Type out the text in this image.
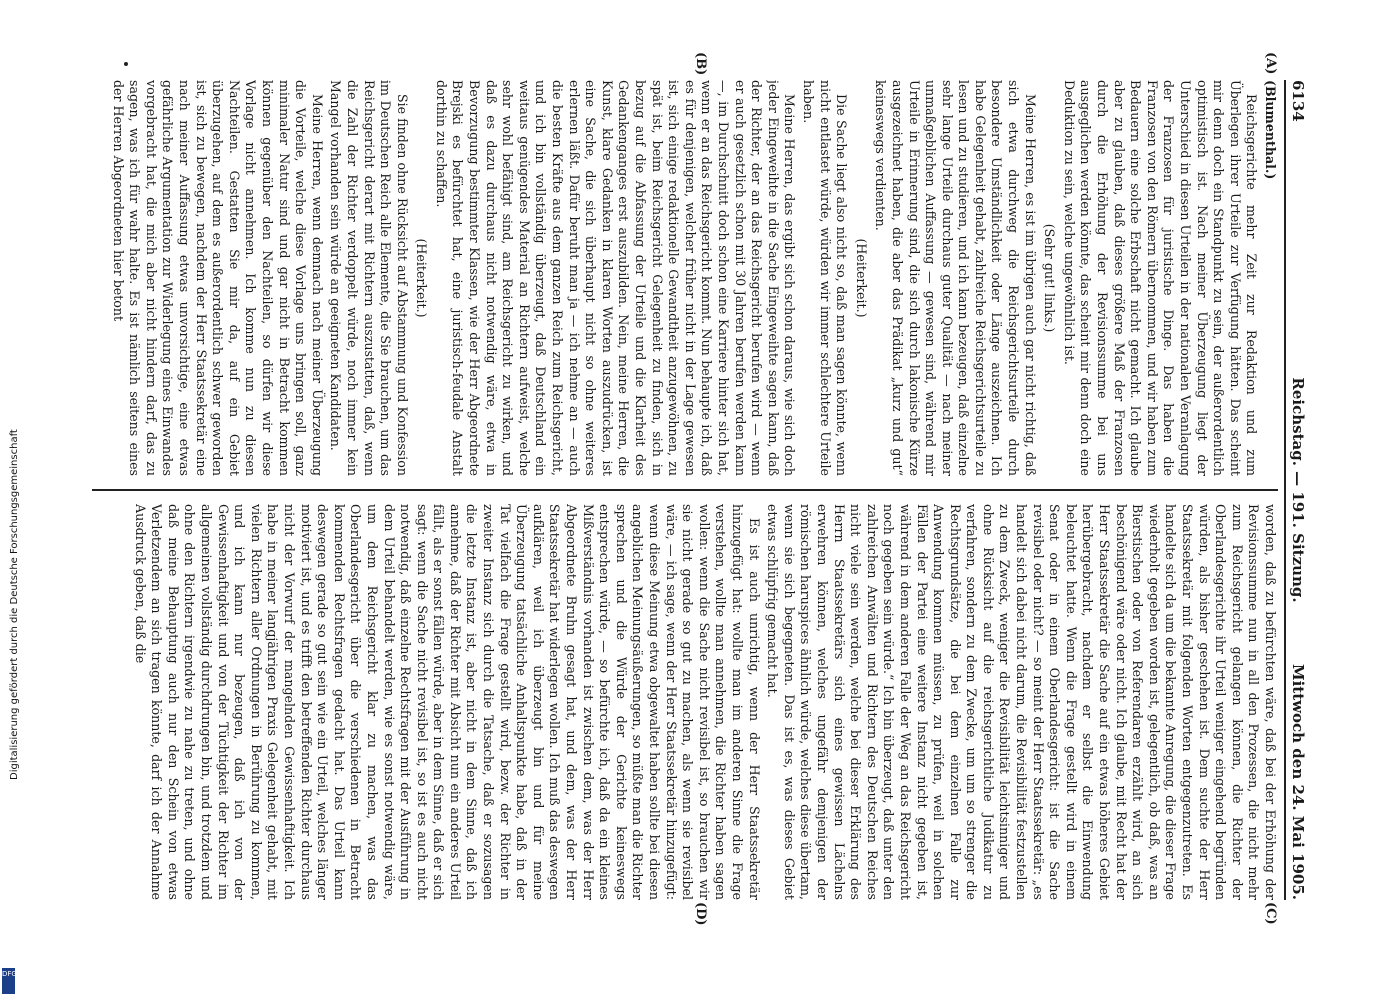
Digitalisierung gefördert durch die Deutsche Forschungsgemeinschaft
DFG
6134
Reichstag. — 191. Sitzung.
Mittwoch den 24. Mai 1905.
(A)
(B)
(C)
(D)

(Blumenthal.)

Reichsgerichte mehr Zeit zur Redaktion und zum Überlegen ihrer Urteile zur Verfügung hätten. Das scheint mir denn doch ein Standpunkt zu sein, der außerordentlich optimistisch ist. Nach meiner Überzeugung liegt der Unterschied in diesen Urteilen in der nationalen Veranlagung der Franzosen für juristische Dinge. Das haben die Franzosen von den Römern übernommen, und wir haben zum Bedauern eine solche Erbschaft nicht gemacht. Ich glaube aber zu glauben, daß dieses größere Maß der Franzosen durch die Erhöhung der Revisionssumme bei uns ausgeglichen werden könnte, das scheint mir denn doch eine Deduktion zu sein, welche ungewöhnlich ist.

(Sehr gut! links.)

Meine Herren, es ist im übrigen auch gar nicht richtig, daß sich etwa durchweg die Reichsgerichtsurteile durch besondere Umständlichkeit oder Länge auszeichnen. Ich habe Gelegenheit gehabt, zahlreiche Reichsgerichtsurteile zu lesen und zu studieren, und ich kann bezeugen, daß einzelne sehr lange Urteile durchaus guter Qualität — nach meiner unmaßgeblichen Auffassung — gewesen sind, während mir Urteile in Erinnerung sind, die sich durch lakonische Kürze ausgezeichnet haben, die aber das Prädikat „kurz und gut“ keineswegs verdienten.

(Heiterkeit.)

Die Sache liegt also nicht so, daß man sagen könnte, wenn nicht entlastet würde, würden wir immer schlechtere Urteile haben.

Meine Herren, das ergibt sich schon daraus, wie sich doch jeder Eingeweihte in die Sache Eingeweihte sagen kann, daß der Richter, der an das Reichsgericht berufen wird — wenn er auch gesetzlich schon mit 30 Jahren berufen werden kann —, im Durchschnitt doch schon eine Karriere hinter sich hat, wenn er an das Reichsgericht kommt. Nun behaupte ich, daß es für denjenigen, welcher früher nicht in der Lage gewesen ist, sich einige redaktionelle Gewandtheit anzugewöhnen, zu spät ist, beim Reichsgericht Gelegenheit zu finden, sich in bezug auf die Abfassung der Urteile und die Klarheit des Gedankenganges erst auszubilden. Nein, meine Herren, die Kunst, klare Gedanken in klaren Worten auszudrücken, ist eine Sache, die sich überhaupt nicht so ohne weiteres erlernen läßt. Dafür beruht man ja — ich nehme an — auch die besten Kräfte aus dem ganzen Reich zum Reichsgericht, und ich bin vollständig überzeugt, daß Deutschland ein weitaus genügendes Material an Richtern aufweist, welche sehr wohl befähigt sind, am Reichsgericht zu wirken, und daß es dazu durchaus nicht notwendig wäre, etwa in Bevorzugung bestimmter Klassen, wie der Herr Abgeordnete Brejski es befürchtet hat, eine juristisch-feudale Anstalt dorthin zu schaffen.

(Heiterkeit.)

Sie finden ohne Rücksicht auf Abstammung und Konfession im Deutschen Reich alle Elemente, die Sie brauchen, um das Reichsgericht derart mit Richtern auszustatten, daß, wenn die Zahl der Richter verdoppelt würde, noch immer kein Mangel vorhanden sein würde an geeigneten Kandidaten.

Meine Herren, wenn demnach nach meiner Überzeugung die Vorteile, welche diese Vorlage uns bringen soll, ganz minimaler Natur sind und gar nicht in Betracht kommen können gegenüber den Nachteilen, so dürfen wir diese Vorlage nicht annehmen. Ich komme nun zu diesen Nachteilen. Gestatten Sie mir da, auf ein Gebiet überzugehen, auf dem es außerordentlich schwer geworden ist, sich zu bewegen, nachdem der Herr Staatssekretär eine nach meiner Auffassung etwas unvorsichtige, eine etwas gefährliche Argumentation zur Widerlegung eines Einwandes vorgebracht hat, die mich aber nicht hindern darf, das zu sagen, was ich für wahr halte. Es ist nämlich seitens eines der Herren Abgeordneten hier betont

worden, daß zu befürchten wäre, daß bei der Erhöhung der Revisionssumme nun in all den Prozessen, die nicht mehr zum Reichsgericht gelangen können, die Richter der Oberlandesgerichte ihr Urteil weniger eingehend begründen würden, als bisher geschehen ist. Dem suchte der Herr Staatssekretär mit folgenden Worten entgegenzutreten. Es handelte sich da um die bekannte Anregung, die dieser Frage wiederholt gegeben worden ist, gelegentlich, ob daß, was an Bierstischen oder von Referendaren erzählt wird, an sich beschönigend wäre oder nicht. Ich glaube, mit Recht hat der Herr Staatssekretär die Sache auf ein etwas höheres Gebiet herübergebracht, nachdem er selbst die Einwendung beleuchtet hatte. Wenn die Frage gestellt wird in einem Senat oder in einem Oberlandesgericht: ist die Sache revisibel oder nicht? — so meint der Herr Staatssekretär: „es handelt sich dabei nicht darum, die Revisibilität festzustellen zu dem Zweck, weniger die Revisibilität leichtsinniger und ohne Rücksicht auf die reichsgerichtliche Judikatur zu verfahren, sondern zu dem Zwecke, um um so strenger die Rechtsgrundsätze, die bei dem einzelnen Falle zur Anwendung kommen müssen, zu prüfen, weil in solchen Fällen der Partei eine weitere Instanz nicht gegeben ist, während in dem anderen Falle der Weg an das Reichsgericht noch gegeben sein würde.“ Ich bin überzeugt, daß unter den zahlreichen Anwälten und Richtern des Deutschen Reiches nicht viele sein werden, welche bei dieser Erklärung des Herrn Staatssekretärs sich eines gewissen Lächelns erwehren können, welches ungefähr demjenigen der römischen haruspices ähnlich würde, welches diese übertam, wenn sie sich begegneten. Das ist es, was dieses Gebiet etwas schlüpfrig gemacht hat.

Es ist auch unrichtig, wenn der Herr Staatssekretär hinzugefügt hat: wollte man im anderen Sinne die Frage verstehen, wollte man annehmen, die Richter haben sagen wollen: wenn die Sache nicht revisibel ist, so brauchen wir sie nicht gerade so gut zu machen, als wenn sie revisibel wäre, — ich sage, wenn der Herr Staatssekretär hinzugefügt: wenn diese Meinung etwa obgewaltet haben sollte bei diesen angeblichen Meinungsäußerungen, so müßte man die Richter sprechen und die Würde der Gerichte keineswegs entsprechen würde, — so befürchte ich, daß da ein kleines Mißverständnis vorhanden ist zwischen dem, was der Herr Abgeordnete Bruhn gesagt hat, und dem, was der Herr Staatssekretär hat widerlegen wollen. Ich muß das deswegen aufklären, weil ich überzeugt bin und für meine Überzeugung tatsächliche Anhaltspunkte habe, daß in der Tat vielfach die Frage gestellt wird, bezw. der Richter in zweiter Instanz sich durch die Tatsache, daß er sozusagen die letzte Instanz ist, aber nicht in dem Sinne, daß ich annehme, daß der Richter mit Absicht nun ein anderes Urteil fällt, als er sonst fällen würde, aber in dem Sinne, daß er sich sagt: wenn die Sache nicht revisibel ist, so ist es auch nicht notwendig, daß einzelne Rechtsfragen mit der Ausführung in dem Urteil behandelt werden, wie es sonst notwendig wäre, um dem Reichsgericht klar zu machen, was das Oberlandesgericht über die verschiedenen in Betracht kommenden Rechtsfragen gedacht hat. Das Urteil kann deswegen gerade so gut sein wie ein Urteil, welches länger motiviert ist, und es trifft den betreffenden Richter durchaus nicht der Vorwurf der mangelnden Gewissenhaftigkeit. Ich habe in meiner langjährigen Praxis Gelegenheit gehabt, mit vielen Richtern aller Ordnungen in Berührung zu kommen, und ich kann nur bezeugen, daß ich von der Gewissenhaftigkeit und von der Tüchtigkeit der Richter im allgemeinen vollständig durchdrungen bin, und trotzdem und ohne den Richtern irgendwie zu nahe zu treten, und ohne daß meine Behauptung auch nur den Schein von etwas Verletzendem an sich tragen könnte, darf ich der Annahme Ausdruck geben, daß die
